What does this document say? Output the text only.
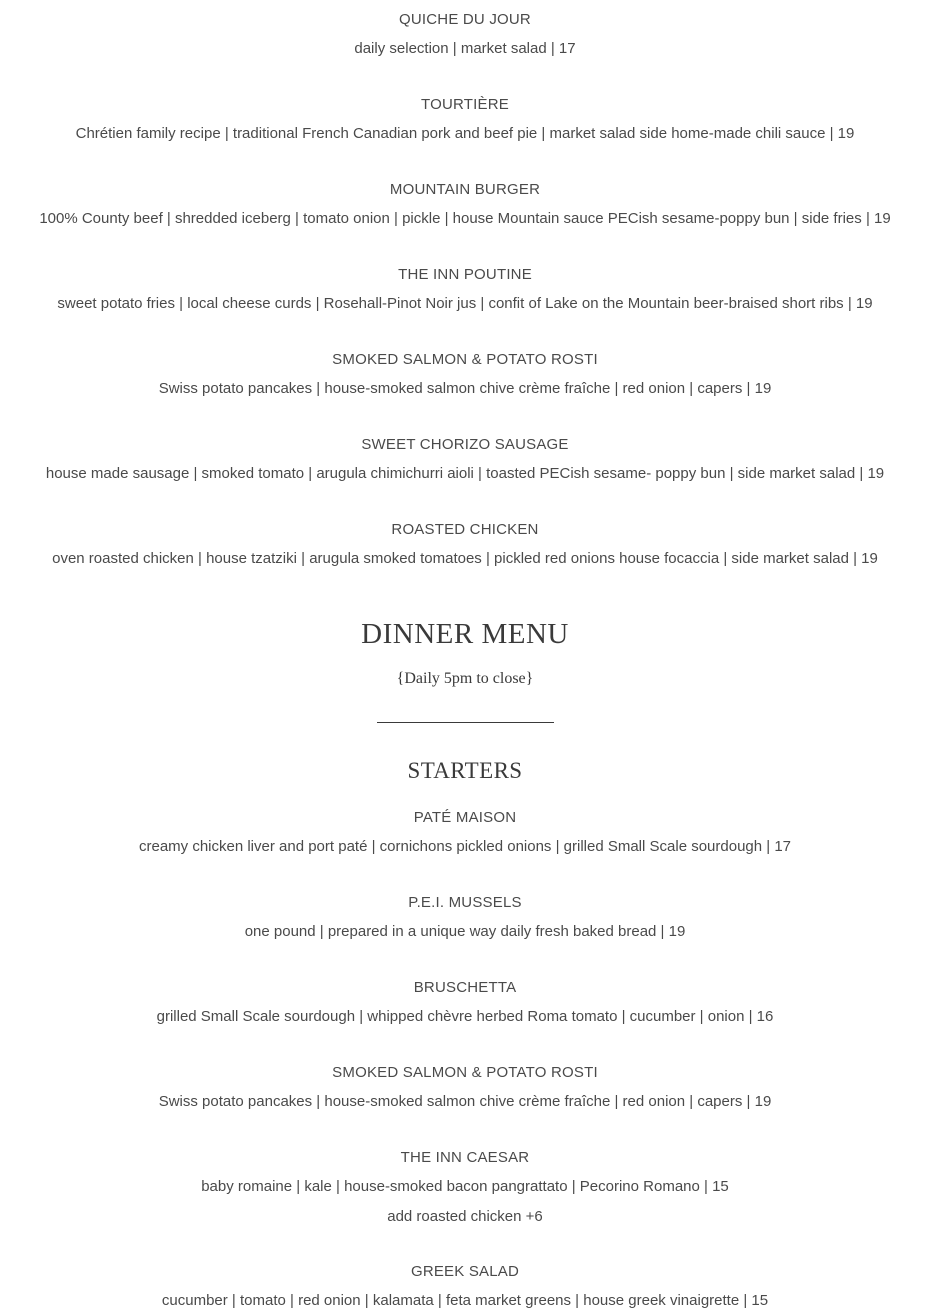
QUICHE DU JOUR
daily selection | market salad | 17
TOURTIÈRE
Chrétien family recipe | traditional French Canadian pork and beef pie | market salad side home-made chili sauce | 19
MOUNTAIN BURGER
100% County beef | shredded iceberg | tomato onion | pickle | house Mountain sauce PECish sesame-poppy bun | side fries | 19
THE INN POUTINE
sweet potato fries | local cheese curds | Rosehall-Pinot Noir jus | confit of Lake on the Mountain beer-braised short ribs | 19
SMOKED SALMON & POTATO ROSTI
Swiss potato pancakes | house-smoked salmon chive crème fraîche | red onion | capers | 19
SWEET CHORIZO SAUSAGE
house made sausage | smoked tomato | arugula chimichurri aioli | toasted PECish sesame- poppy bun | side market salad | 19
ROASTED CHICKEN
oven roasted chicken | house tzatziki | arugula smoked tomatoes | pickled red onions house focaccia | side market salad | 19
DINNER MENU
{Daily 5pm to close}
STARTERS
PATÉ MAISON
creamy chicken liver and port paté | cornichons pickled onions | grilled Small Scale sourdough | 17
P.E.I. MUSSELS
one pound | prepared in a unique way daily fresh baked bread | 19
BRUSCHETTA
grilled Small Scale sourdough | whipped chèvre herbed Roma tomato | cucumber | onion | 16
SMOKED SALMON & POTATO ROSTI
Swiss potato pancakes | house-smoked salmon chive crème fraîche | red onion | capers | 19
THE INN CAESAR
baby romaine | kale | house-smoked bacon pangrattato | Pecorino Romano | 15
add roasted chicken +6
GREEK SALAD
cucumber | tomato | red onion | kalamata | feta market greens | house greek vinaigrette | 15
